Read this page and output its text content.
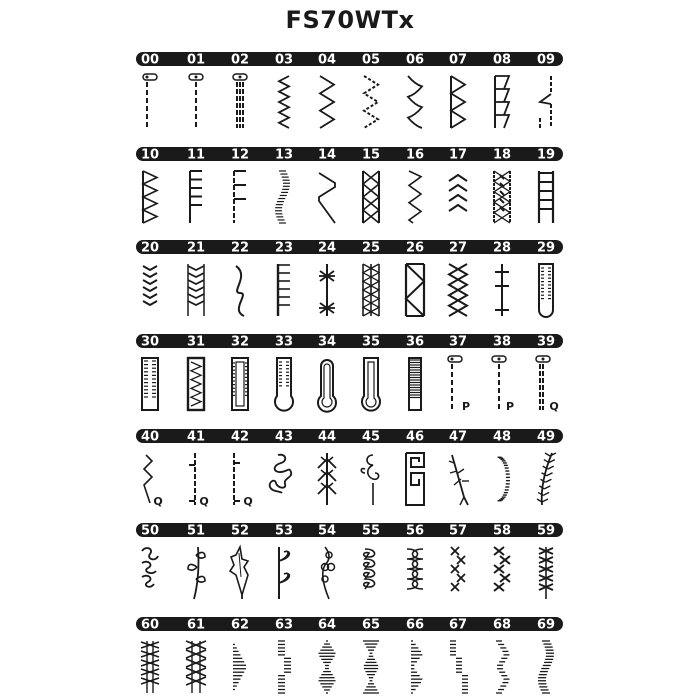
FS70WTx
00 01 02 03 04 05 06 07 08 09
10 11 12 13 14 15 16 17 18 19
20 21 22 23 24 25 26 27 28 29
30 31 32 33 34 35 36 37 38 39
40 41 42 43 44 45 46 47 48 49
50 51 52 53 54 55 56 57 58 59
60 61 62 63 64 65 66 67 68 69
P	P	Q
Q	Q	Q
